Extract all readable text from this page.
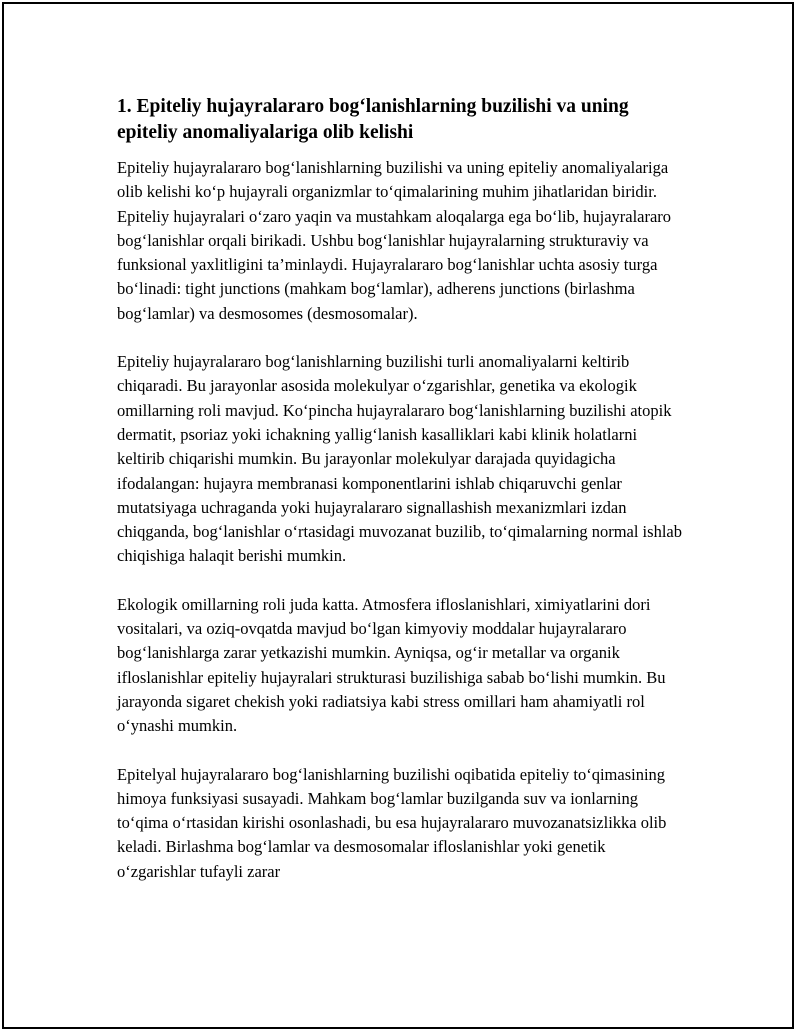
1. Epiteliy hujayralararo bog‘lanishlarning buzilishi va uning epiteliy anomaliyalariga olib kelishi

Epiteliy hujayralararo bog‘lanishlarning buzilishi va uning epiteliy anomaliyalariga olib kelishi ko‘p hujayrali organizmlar to‘qimalarining muhim jihatlaridan biridir. Epiteliy hujayralari o‘zaro yaqin va mustahkam aloqalarga ega bo‘lib, hujayralararo bog‘lanishlar orqali birikadi. Ushbu bog‘lanishlar hujayralarning strukturaviy va funksional yaxlitligini ta’minlaydi. Hujayralararo bog‘lanishlar uchta asosiy turga bo‘linadi: tight junctions (mahkam bog‘lamlar), adherens junctions (birlashma bog‘lamlar) va desmosomes (desmosomalar).

Epiteliy hujayralararo bog‘lanishlarning buzilishi turli anomaliyalarni keltirib chiqaradi. Bu jarayonlar asosida molekulyar o‘zgarishlar, genetika va ekologik omillarning roli mavjud. Ko‘pincha hujayralararo bog‘lanishlarning buzilishi atopik dermatit, psoriaz yoki ichakning yallig‘lanish kasalliklari kabi klinik holatlarni keltirib chiqarishi mumkin. Bu jarayonlar molekulyar darajada quyidagicha ifodalangan: hujayra membranasi komponentlarini ishlab chiqaruvchi genlar mutatsiyaga uchraganda yoki hujayralararo signallashish mexanizmlari izdan chiqganda, bog‘lanishlar o‘rtasidagi muvozanat buzilib, to‘qimalarning normal ishlab chiqishiga halaqit berishi mumkin.

Ekologik omillarning roli juda katta. Atmosfera ifloslanishlari, ximiyatlarini dori vositalari, va oziq-ovqatda mavjud bo‘lgan kimyoviy moddalar hujayralararo bog‘lanishlarga zarar yetkazishi mumkin. Ayniqsa, og‘ir metallar va organik ifloslanishlar epiteliy hujayralari strukturasi buzilishiga sabab bo‘lishi mumkin. Bu jarayonda sigaret chekish yoki radiatsiya kabi stress omillari ham ahamiyatli rol o‘ynashi mumkin.

Epitelyal hujayralararo bog‘lanishlarning buzilishi oqibatida epiteliy to‘qimasining himoya funksiyasi susayadi. Mahkam bog‘lamlar buzilganda suv va ionlarning to‘qima o‘rtasidan kirishi osonlashadi, bu esa hujayralararo muvozanatsizlikka olib keladi. Birlashma bog‘lamlar va desmosomalar ifloslanishlar yoki genetik o‘zgarishlar tufayli zarar
